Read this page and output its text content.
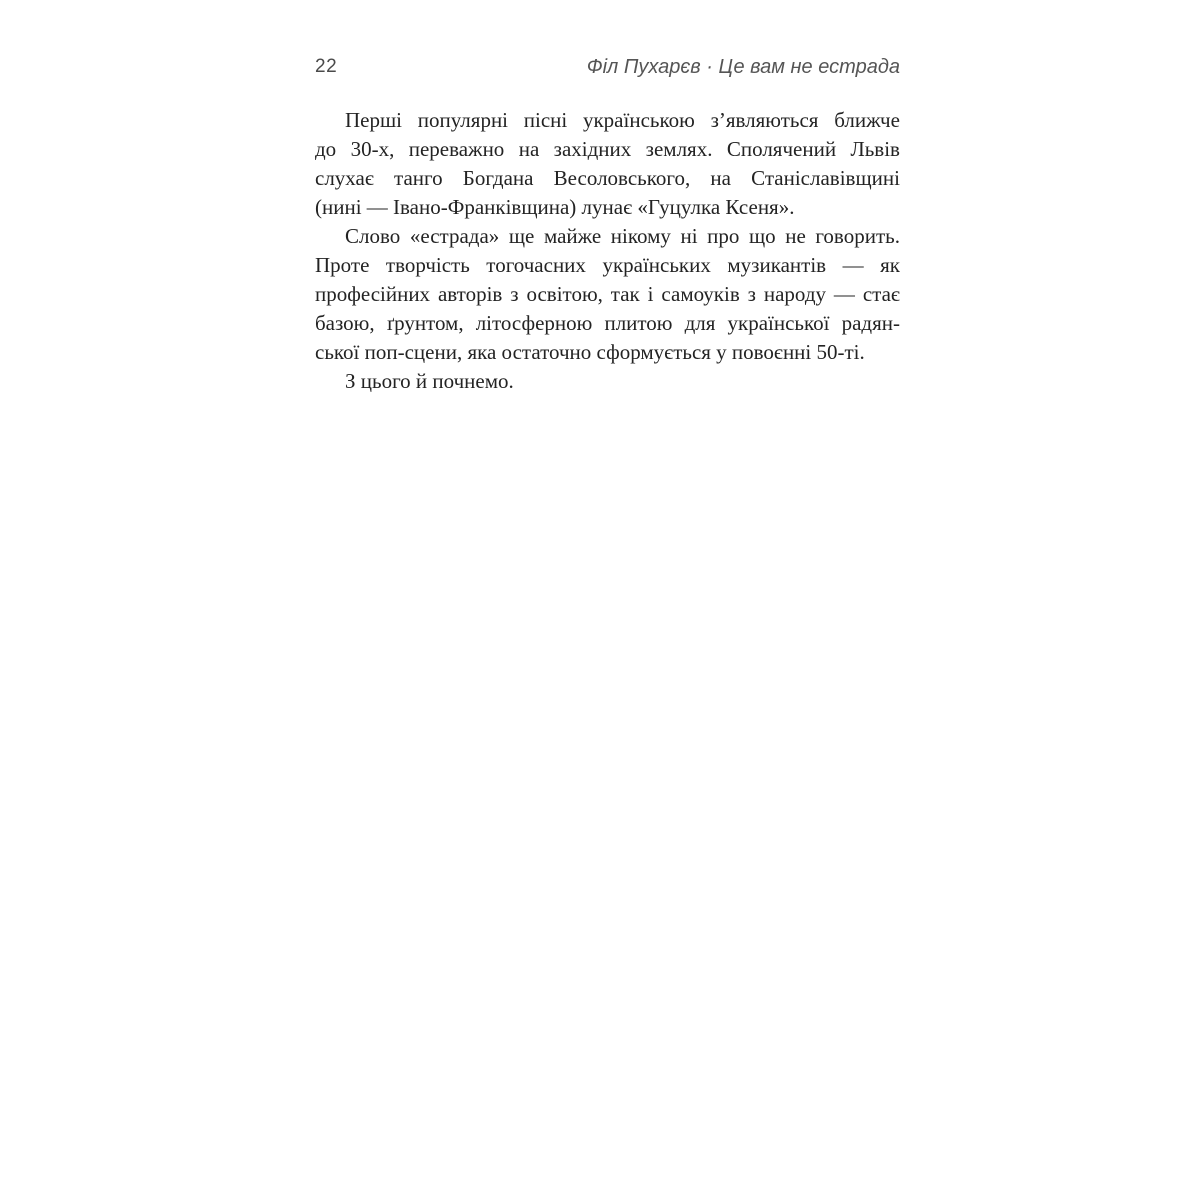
22	Філ Пухарєв · Це вам не естрада
Перші популярні пісні українською з’являються ближче
до 30-х, переважно на західних землях. Сполячений Львів
слухає танго Богдана Весоловського, на Станіславівщині
(нині — Івано-Франківщина) лунає «Гуцулка Ксеня».
Слово «естрада» ще майже нікому ні про що не говорить.
Проте творчість тогочасних українських музикантів — як
професійних авторів з освітою, так і самоуків з народу — стає
базою, ґрунтом, літосферною плитою для української радян-
ської поп-сцени, яка остаточно сформується у повоєнні 50-ті.
З цього й почнемо.
